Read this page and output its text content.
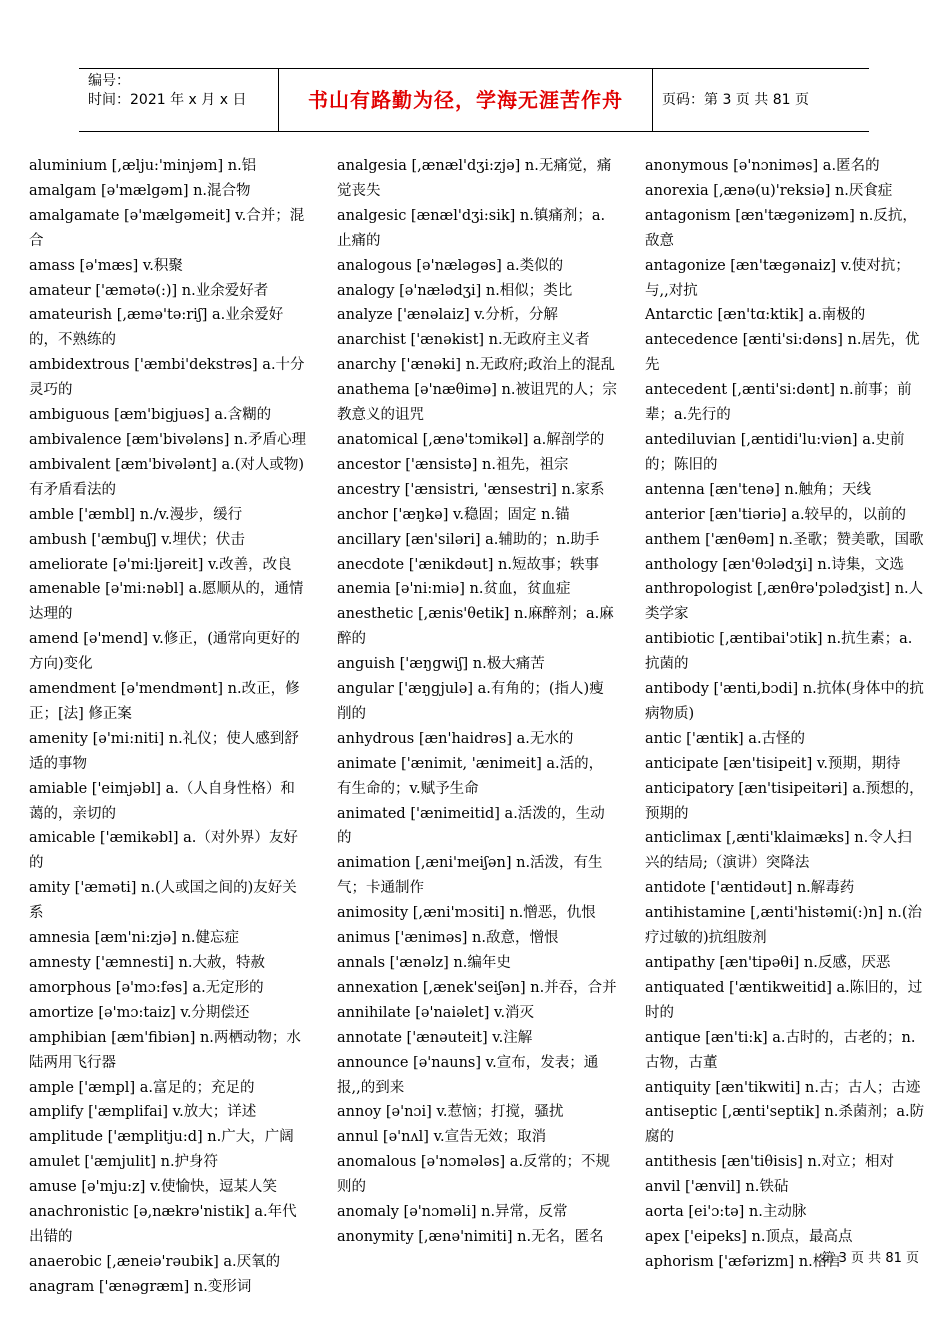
编号：
时间：2021 年 x 月 x 日	书山有路勤为径，学海无涯苦作舟	页码：第 3 页 共 81 页
aluminium [,ælju:'minjəm] n.铝
amalgam [ə'mælgəm] n.混合物
amalgamate [ə'mælgəmeit] v.合并；混合
amass [ə'mæs] v.积聚
amateur ['æmətə(:)] n.业余爱好者
amateurish [,æmə'tə:riʃ] a.业余爱好的，不熟练的
ambidextrous ['æmbi'dekstrəs] a.十分灵巧的
ambiguous [æm'bigjuəs] a.含糊的
ambivalence [æm'bivələns] n.矛盾心理
ambivalent [æm'bivələnt] a.(对人或物)有矛盾看法的
amble ['æmbl] n./v.漫步，缓行
ambush ['æmbuʃ] v.埋伏；伏击
ameliorate [ə'mi:ljəreit] v.改善，改良
amenable [ə'mi:nəbl] a.愿顺从的，通情达理的
amend [ə'mend] v.修正，(通常向更好的方向)变化
amendment [ə'mendmənt] n.改正，修正；[法] 修正案
amenity [ə'mi:niti] n.礼仪；使人感到舒适的事物
amiable ['eimjəbl] a.（人自身性格）和蔼的，亲切的
amicable ['æmikəbl] a.（对外界）友好的
amity ['æməti] n.(人或国之间的)友好关系
amnesia [æm'ni:zjə] n.健忘症
amnesty ['æmnesti] n.大赦，特赦
amorphous [ə'mɔ:fəs] a.无定形的
amortize [ə'mɔ:taiz] v.分期偿还
amphibian [æm'fibiən] n.两栖动物；水陆两用飞行器
ample ['æmpl] a.富足的；充足的
amplify ['æmplifai] v.放大；详述
amplitude ['æmplitju:d] n.广大，广阔
amulet ['æmjulit] n.护身符
amuse [ə'mju:z] v.使愉快，逗某人笑
anachronistic [ə,nækrə'nistik] a.年代出错的
anaerobic [,æneiə'rəubik] a.厌氧的
anagram ['ænəgræm] n.变形词
analgesia [,ænæl'dʒi:zjə] n.无痛觉，痛觉丧失
analgesic [ænæl'dʒi:sik] n.镇痛剂；a.止痛的
analogous [ə'næləgəs] a.类似的
analogy [ə'nælədʒi] n.相似；类比
analyze ['ænəlaiz] v.分析，分解
anarchist ['ænəkist] n.无政府主义者
anarchy ['ænəki] n.无政府;政治上的混乱
anathema [ə'næθimə] n.被诅咒的人；宗教意义的诅咒
anatomical [,ænə'tɔmikəl] a.解剖学的
ancestor ['ænsistə] n.祖先，祖宗
ancestry ['ænsistri, 'ænsestri] n.家系
anchor ['æŋkə] v.稳固；固定 n.锚
ancillary [æn'siləri] a.辅助的；n.助手
anecdote ['ænikdəut] n.短故事；轶事
anemia [ə'ni:miə] n.贫血，贫血症
anesthetic [,ænis'θetik] n.麻醉剂；a.麻醉的
anguish ['æŋgwiʃ] n.极大痛苦
angular ['æŋgjulə] a.有角的；(指人)瘦削的
anhydrous [æn'haidrəs] a.无水的
animate ['ænimit, 'ænimeit] a.活的，有生命的；v.赋予生命
animated ['ænimeitid] a.活泼的，生动的
animation [,æni'meiʃən] n.活泼，有生气；卡通制作
animosity [,æni'mɔsiti] n.憎恶，仇恨
animus ['æniməs] n.敌意，憎恨
annals ['ænəlz] n.编年史
annexation [,ænek'seiʃən] n.并吞，合并
annihilate [ə'naiəlet] v.消灭
annotate ['ænəuteit] v.注解
announce [ə'nauns] v.宣布，发表；通报,,的到来
annoy [ə'nɔi] v.惹恼；打搅，骚扰
annul [ə'nʌl] v.宣告无效；取消
anomalous [ə'nɔmələs] a.反常的；不规则的
anomaly [ə'nɔməli] n.异常，反常
anonymity [,ænə'nimiti] n.无名，匿名
anonymous [ə'nɔniməs] a.匿名的
anorexia [,ænə(u)'reksiə] n.厌食症
antagonism [æn'tægənizəm] n.反抗，敌意
antagonize [æn'tægənaiz] v.使对抗；与,,对抗
Antarctic [æn'tɑ:ktik] a.南极的
antecedence [ænti'si:dəns] n.居先，优先
antecedent [,ænti'si:dənt] n.前事；前辈；a.先行的
antediluvian [,æntidi'lu:viən] a.史前的；陈旧的
antenna [æn'tenə] n.触角；天线
anterior [æn'tiəriə] a.较早的，以前的
anthem ['ænθəm] n.圣歌；赞美歌，国歌
anthology [æn'θɔlədʒi] n.诗集，文选
anthropologist [,ænθrə'pɔlədʒist] n.人类学家
antibiotic [,æntibai'ɔtik] n.抗生素；a.抗菌的
antibody ['ænti,bɔdi] n.抗体(身体中的抗病物质)
antic ['æntik] a.古怪的
anticipate [æn'tisipeit] v.预期，期待
anticipatory [æn'tisipeitəri] a.预想的，预期的
anticlimax [,ænti'klaimæks] n.令人扫兴的结局;（演讲）突降法
antidote ['æntidəut] n.解毒药
antihistamine [,ænti'histəmi(:)n] n.(治疗过敏的)抗组胺剂
antipathy [æn'tipəθi] n.反感，厌恶
antiquated ['æntikweitid] a.陈旧的，过时的
antique [æn'ti:k] a.古时的，古老的；n.古物，古董
antiquity [æn'tikwiti] n.古；古人；古迹
antiseptic [,ænti'septik] n.杀菌剂；a.防腐的
antithesis [æn'tiθisis] n.对立；相对
anvil ['ænvil] n.铁砧
aorta [ei'ɔ:tə] n.主动脉
apex ['eipeks] n.顶点，最高点
aphorism ['æfərizm] n.格言
第 3 页 共 81 页
